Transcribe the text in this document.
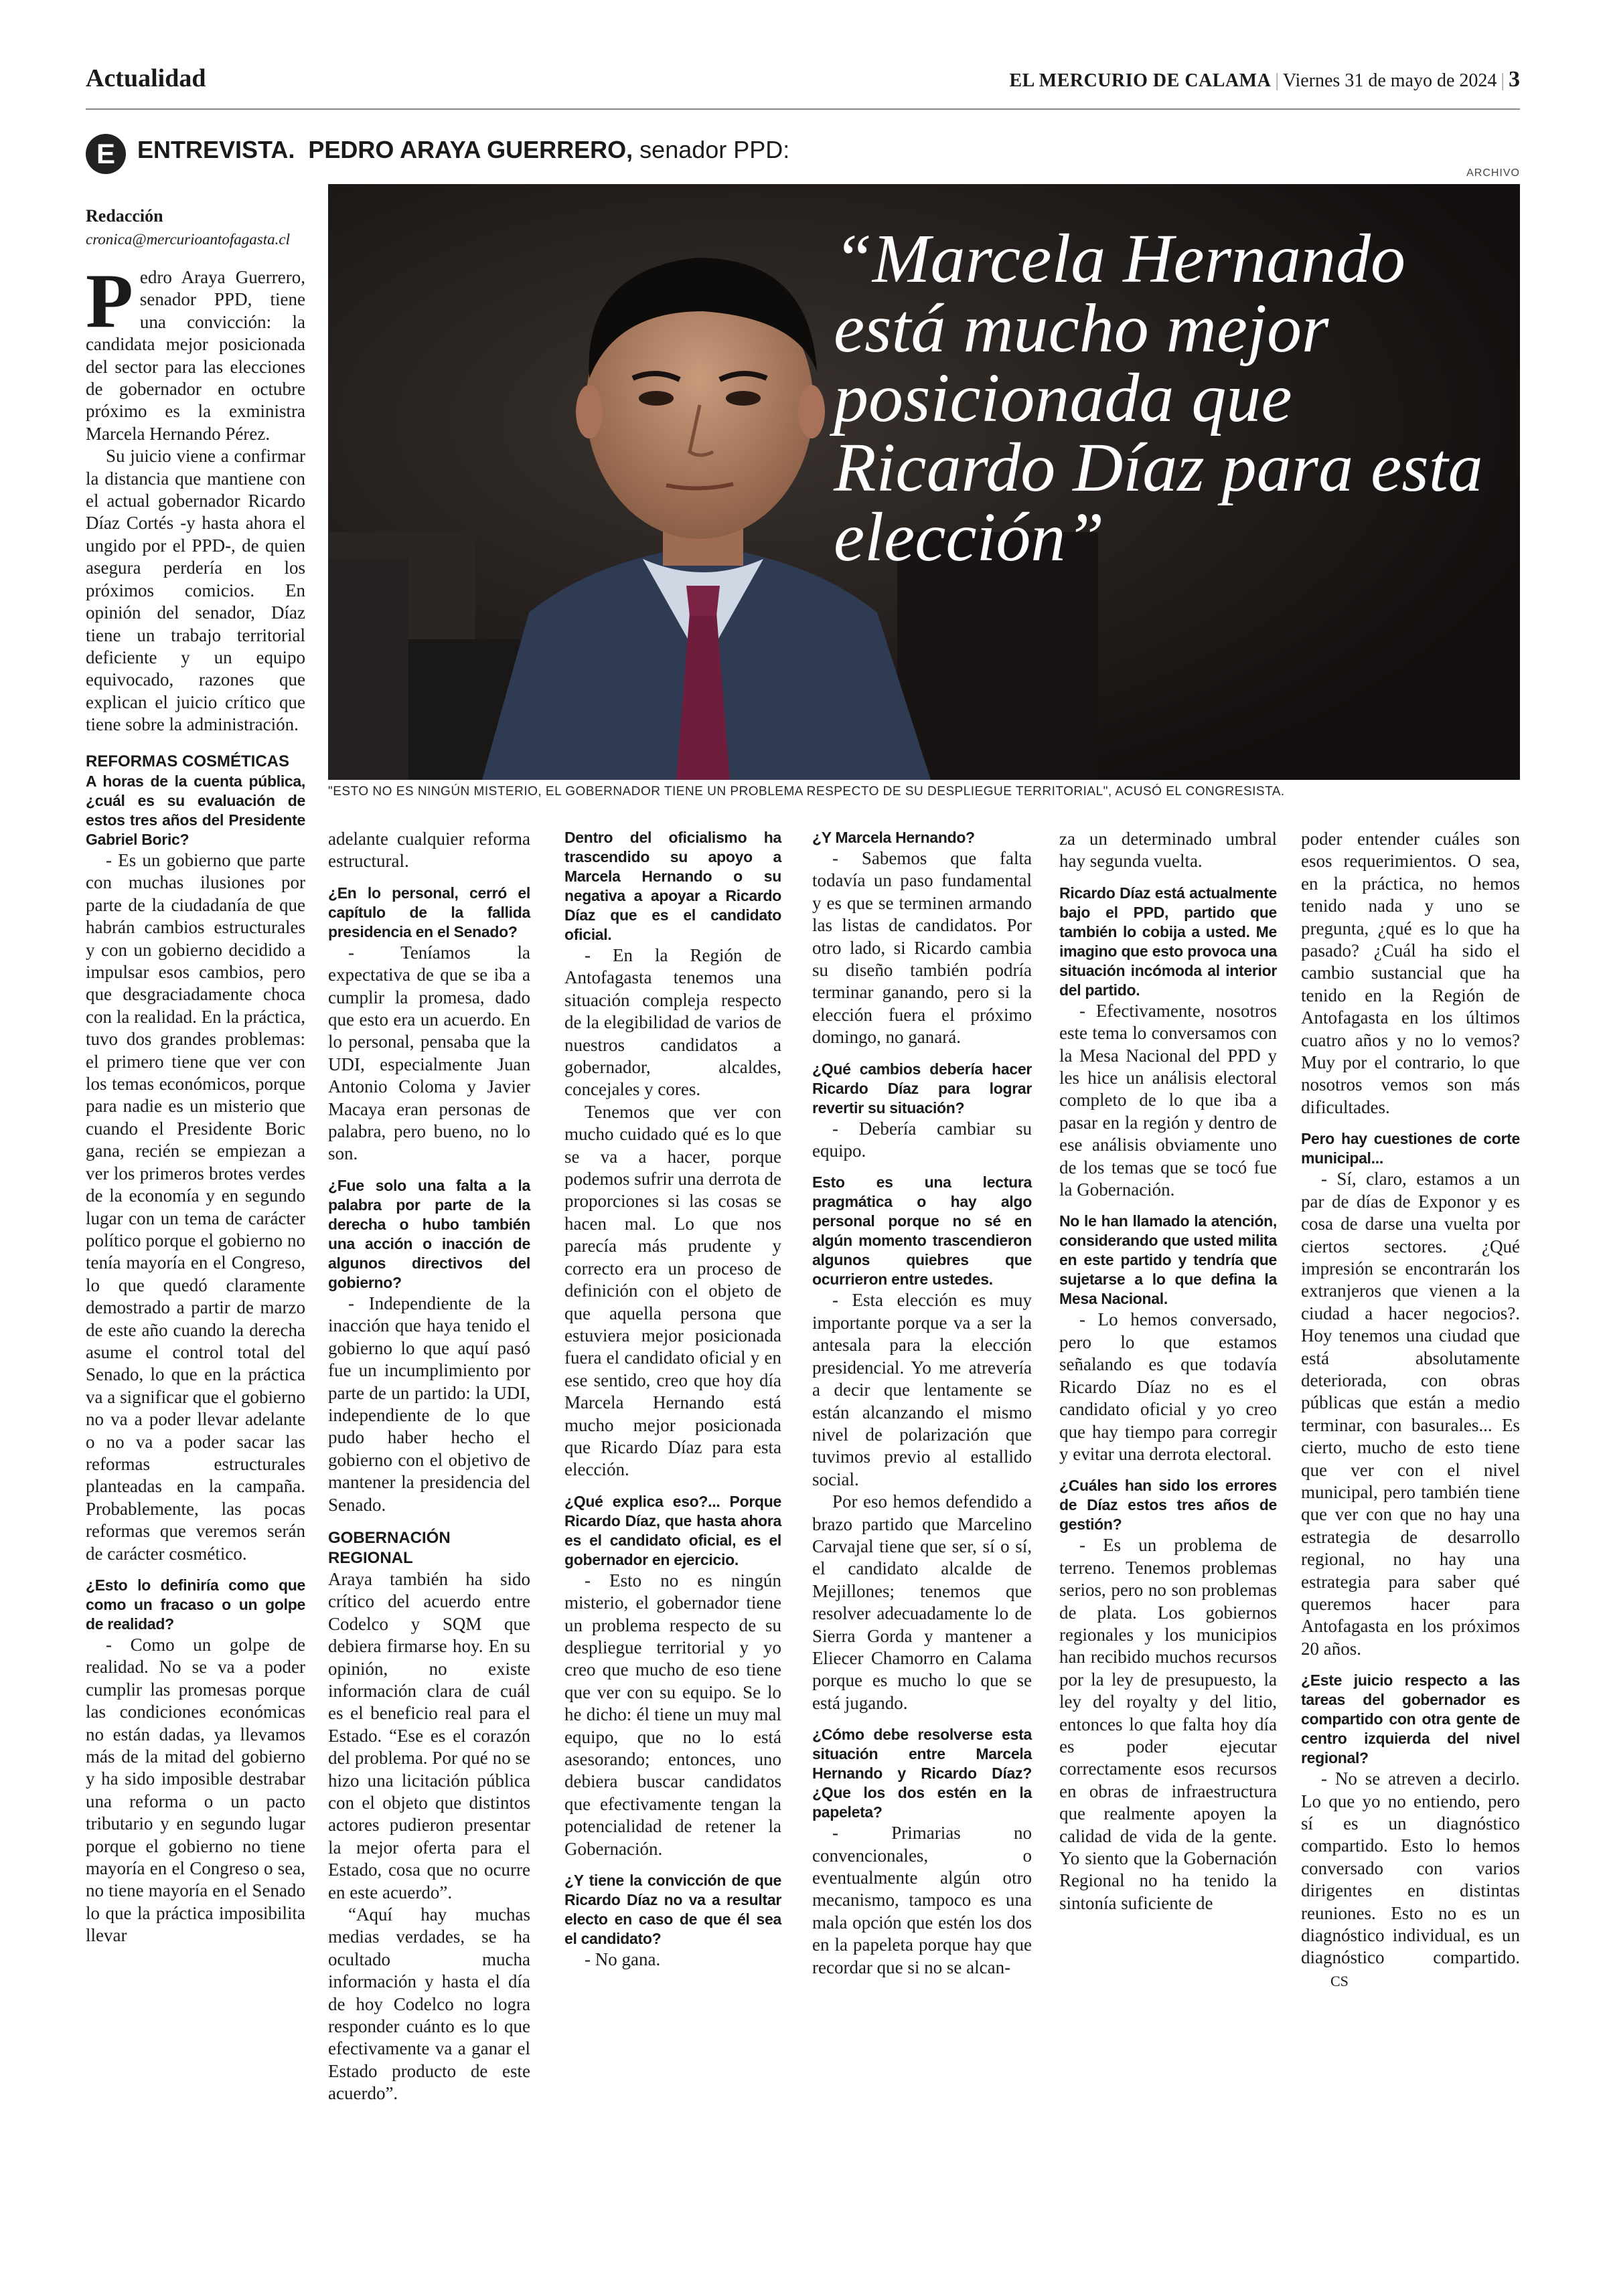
Actualidad	EL MERCURIO DE CALAMA | Viernes 31 de mayo de 2024 | 3
E ENTREVISTA. PEDRO ARAYA GUERRERO, senador PPD:
Redacción
cronica@mercurioantofagasta.cl
ARCHIVO
“Marcela Hernando está mucho mejor posicionada que Ricardo Díaz para esta elección”
"ESTO NO ES NINGÚN MISTERIO, EL GOBERNADOR TIENE UN PROBLEMA RESPECTO DE SU DESPLIEGUE TERRITORIAL", ACUSÓ EL CONGRESISTA.

Pedro Araya Guerrero, senador PPD, tiene una convicción: la candidata mejor posicionada del sector para las elecciones de gobernador en octubre próximo es la exministra Marcela Hernando Pérez.

Su juicio viene a confirmar la distancia que mantiene con el actual gobernador Ricardo Díaz Cortés -y hasta ahora el ungido por el PPD-, de quien asegura perdería en los próximos comicios. En opinión del senador, Díaz tiene un trabajo territorial deficiente y un equipo equivocado, razones que explican el juicio crítico que tiene sobre la administración.

REFORMAS COSMÉTICAS

A horas de la cuenta pública, ¿cuál es su evaluación de estos tres años del Presidente Gabriel Boric?

- Es un gobierno que parte con muchas ilusiones por parte de la ciudadanía de que habrán cambios estructurales y con un gobierno decidido a impulsar esos cambios, pero que desgraciadamente choca con la realidad. En la práctica, tuvo dos grandes problemas: el primero tiene que ver con los temas económicos, porque para nadie es un misterio que cuando el Presidente Boric gana, recién se empiezan a ver los primeros brotes verdes de la economía y en segundo lugar con un tema de carácter político porque el gobierno no tenía mayoría en el Congreso, lo que quedó claramente demostrado a partir de marzo de este año cuando la derecha asume el control total del Senado, lo que en la práctica va a significar que el gobierno no va a poder llevar adelante o no va a poder sacar las reformas estructurales planteadas en la campaña. Probablemente, las pocas reformas que veremos serán de carácter cosmético.

¿Esto lo definiría como que como un fracaso o un golpe de realidad?

- Como un golpe de realidad. No se va a poder cumplir las promesas porque las condiciones económicas no están dadas, ya llevamos más de la mitad del gobierno y ha sido imposible destrabar una reforma o un pacto tributario y en segundo lugar porque el gobierno no tiene mayoría en el Congreso o sea, no tiene mayoría en el Senado lo que la práctica imposibilita llevar

adelante cualquier reforma estructural.

¿En lo personal, cerró el capítulo de la fallida presidencia en el Senado?

- Teníamos la expectativa de que se iba a cumplir la promesa, dado que esto era un acuerdo. En lo personal, pensaba que la UDI, especialmente Juan Antonio Coloma y Javier Macaya eran personas de palabra, pero bueno, no lo son.

¿Fue solo una falta a la palabra por parte de la derecha o hubo también una acción o inacción de algunos directivos del gobierno?

- Independiente de la inacción que haya tenido el gobierno lo que aquí pasó fue un incumplimiento por parte de un partido: la UDI, independiente de lo que pudo haber hecho el gobierno con el objetivo de mantener la presidencia del Senado.

GOBERNACIÓN REGIONAL

Araya también ha sido crítico del acuerdo entre Codelco y SQM que debiera firmarse hoy. En su opinión, no existe información clara de cuál es el beneficio real para el Estado. “Ese es el corazón del problema. Por qué no se hizo una licitación pública con el objeto que distintos actores pudieron presentar la mejor oferta para el Estado, cosa que no ocurre en este acuerdo”.

“Aquí hay muchas medias verdades, se ha ocultado mucha información y hasta el día de hoy Codelco no logra responder cuánto es lo que efectivamente va a ganar el Estado producto de este acuerdo”.

Dentro del oficialismo ha trascendido su apoyo a Marcela Hernando o su negativa a apoyar a Ricardo Díaz que es el candidato oficial.

- En la Región de Antofagasta tenemos una situación compleja respecto de la elegibilidad de varios de nuestros candidatos a gobernador, alcaldes, concejales y cores.

Tenemos que ver con mucho cuidado qué es lo que se va a hacer, porque podemos sufrir una derrota de proporciones si las cosas se hacen mal. Lo que nos parecía más prudente y correcto era un proceso de definición con el objeto de que aquella persona que estuviera mejor posicionada fuera el candidato oficial y en ese sentido, creo que hoy día Marcela Hernando está mucho mejor posicionada que Ricardo Díaz para esta elección.

¿Qué explica eso?... Porque Ricardo Díaz, que hasta ahora es el candidato oficial, es el gobernador en ejercicio.

- Esto no es ningún misterio, el gobernador tiene un problema respecto de su despliegue territorial y yo creo que mucho de eso tiene que ver con su equipo. Se lo he dicho: él tiene un muy mal equipo, que no lo está asesorando; entonces, uno debiera buscar candidatos que efectivamente tengan la potencialidad de retener la Gobernación.

¿Y tiene la convicción de que Ricardo Díaz no va a resultar electo en caso de que él sea el candidato?

- No gana.

¿Y Marcela Hernando?

- Sabemos que falta todavía un paso fundamental y es que se terminen armando las listas de candidatos. Por otro lado, si Ricardo cambia su diseño también podría terminar ganando, pero si la elección fuera el próximo domingo, no ganará.

¿Qué cambios debería hacer Ricardo Díaz para lograr revertir su situación?

- Debería cambiar su equipo.

Esto es una lectura pragmática o hay algo personal porque no sé en algún momento trascendieron algunos quiebres que ocurrieron entre ustedes.

- Esta elección es muy importante porque va a ser la antesala para la elección presidencial. Yo me atrevería a decir que lentamente se están alcanzando el mismo nivel de polarización que tuvimos previo al estallido social.

Por eso hemos defendido a brazo partido que Marcelino Carvajal tiene que ser, sí o sí, el candidato alcalde de Mejillones; tenemos que resolver adecuadamente lo de Sierra Gorda y mantener a Eliecer Chamorro en Calama porque es mucho lo que se está jugando.

¿Cómo debe resolverse esta situación entre Marcela Hernando y Ricardo Díaz? ¿Que los dos estén en la papeleta?

- Primarias no convencionales, o eventualmente algún otro mecanismo, tampoco es una mala opción que estén los dos en la papeleta porque hay que recordar que si no se alcan-

za un determinado umbral hay segunda vuelta.

Ricardo Díaz está actualmente bajo el PPD, partido que también lo cobija a usted. Me imagino que esto provoca una situación incómoda al interior del partido.

- Efectivamente, nosotros este tema lo conversamos con la Mesa Nacional del PPD y les hice un análisis electoral completo de lo que iba a pasar en la región y dentro de ese análisis obviamente uno de los temas que se tocó fue la Gobernación.

No le han llamado la atención, considerando que usted milita en este partido y tendría que sujetarse a lo que defina la Mesa Nacional.

- Lo hemos conversado, pero lo que estamos señalando es que todavía Ricardo Díaz no es el candidato oficial y yo creo que hay tiempo para corregir y evitar una derrota electoral.

¿Cuáles han sido los errores de Díaz estos tres años de gestión?

- Es un problema de terreno. Tenemos problemas serios, pero no son problemas de plata. Los gobiernos regionales y los municipios han recibido muchos recursos por la ley de presupuesto, la ley del royalty y del litio, entonces lo que falta hoy día es poder ejecutar correctamente esos recursos en obras de infraestructura que realmente apoyen la calidad de vida de la gente. Yo siento que la Gobernación Regional no ha tenido la sintonía suficiente de

poder entender cuáles son esos requerimientos. O sea, en la práctica, no hemos tenido nada y uno se pregunta, ¿qué es lo que ha pasado? ¿Cuál ha sido el cambio sustancial que ha tenido en la Región de Antofagasta en los últimos cuatro años y no lo vemos? Muy por el contrario, lo que nosotros vemos son más dificultades.

Pero hay cuestiones de corte municipal...

- Sí, claro, estamos a un par de días de Exponor y es cosa de darse una vuelta por ciertos sectores. ¿Qué impresión se encontrarán los extranjeros que vienen a la ciudad a hacer negocios?. Hoy tenemos una ciudad que está absolutamente deteriorada, con obras públicas que están a medio terminar, con basurales... Es cierto, mucho de esto tiene que ver con el nivel municipal, pero también tiene que ver con que no hay una estrategia de desarrollo regional, no hay una estrategia para saber qué queremos hacer para Antofagasta en los próximos 20 años.

¿Este juicio respecto a las tareas del gobernador es compartido con otra gente de centro izquierda del nivel regional?

- No se atreven a decirlo. Lo que yo no entiendo, pero sí es un diagnóstico compartido. Esto lo hemos conversado con varios dirigentes en distintas reuniones. Esto no es un diagnóstico individual, es un diagnóstico compartido.CS
